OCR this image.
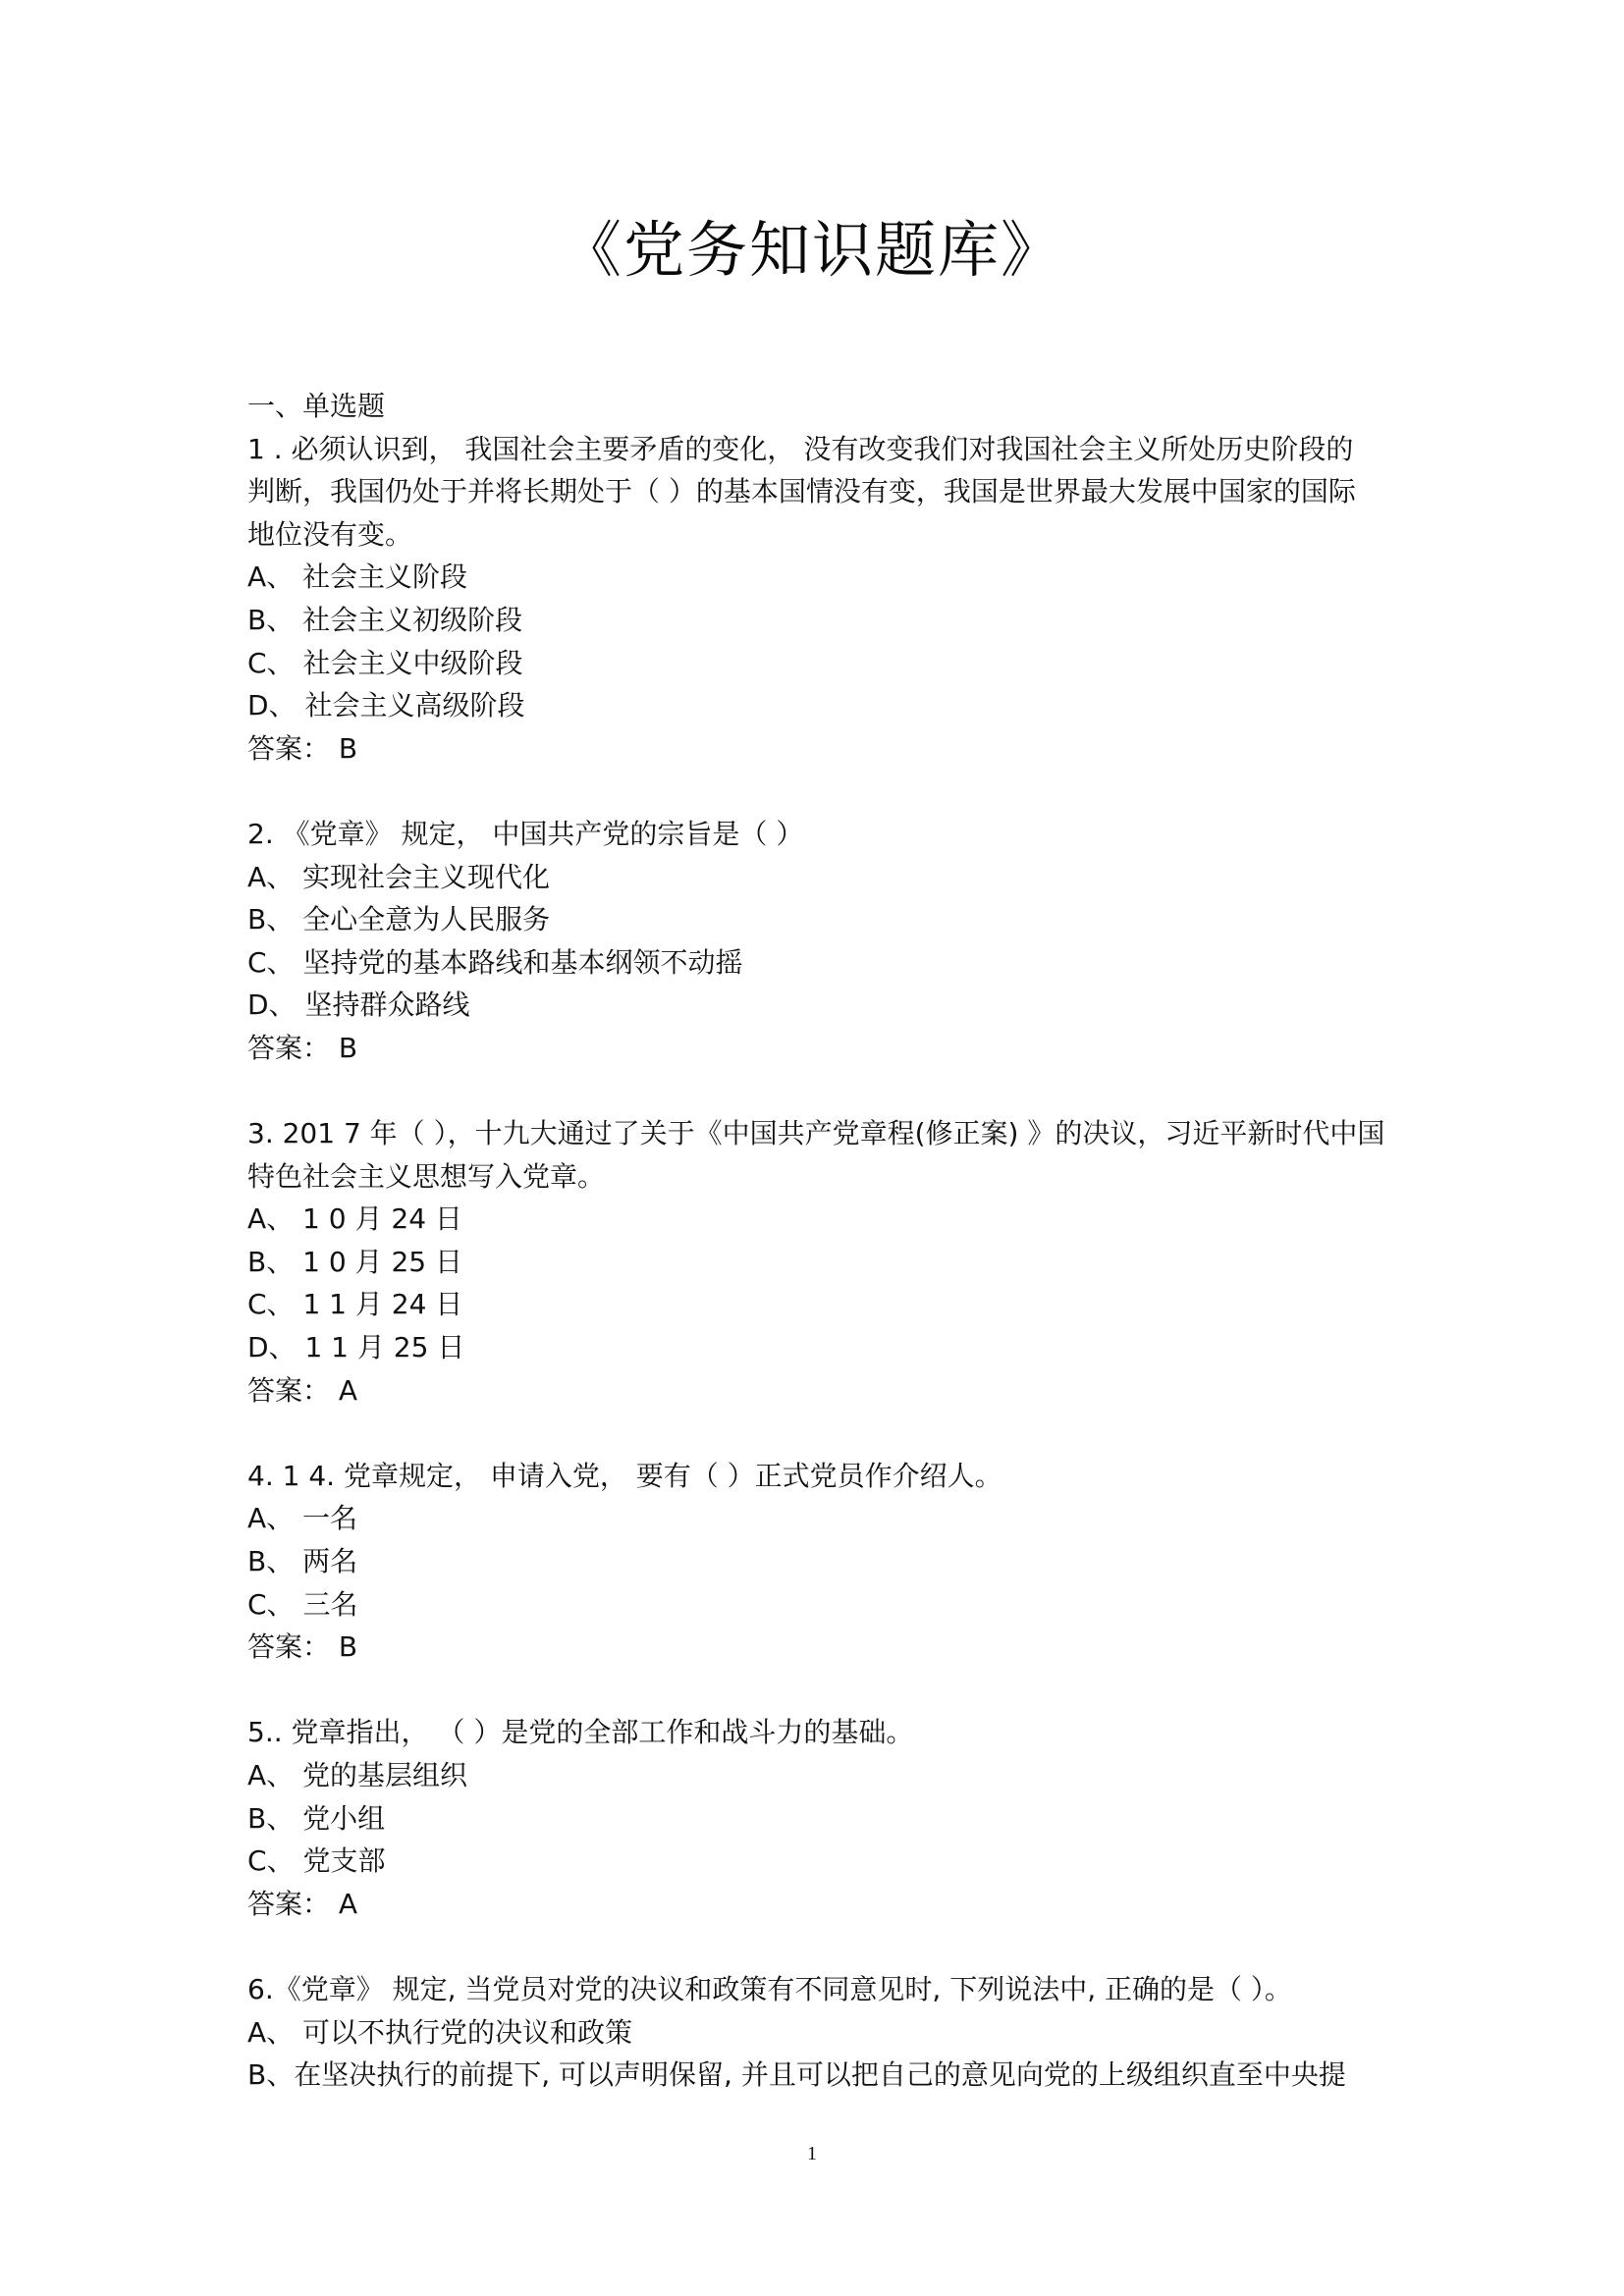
《党务知识题库》
一、单选题
1 . 必须认识到， 我国社会主要矛盾的变化， 没有改变我们对我国社会主义所处历史阶段的
判断，我国仍处于并将长期处于（ ）的基本国情没有变，我国是世界最大发展中国家的国际
地位没有变。
A、 社会主义阶段
B、 社会主义初级阶段
C、 社会主义中级阶段
D、 社会主义高级阶段
答案： B
2. 《党章》 规定， 中国共产党的宗旨是（ ）
A、 实现社会主义现代化
B、 全心全意为人民服务
C、 坚持党的基本路线和基本纲领不动摇
D、 坚持群众路线
答案： B
3. 201 7 年（ ），十九大通过了关于《中国共产党章程(修正案) 》的决议，习近平新时代中国
特色社会主义思想写入党章。
A、 1 0 月 24 日
B、 1 0 月 25 日
C、 1 1 月 24 日
D、 1 1 月 25 日
答案： A
4. 1 4. 党章规定， 申请入党， 要有（ ）正式党员作介绍人。
A、 一名
B、 两名
C、 三名
答案： B
5.. 党章指出， （ ）是党的全部工作和战斗力的基础。
A、 党的基层组织
B、 党小组
C、 党支部
答案： A
6.《党章》 规定, 当党员对党的决议和政策有不同意见时, 下列说法中, 正确的是（ ）。
A、 可以不执行党的决议和政策
B、在坚决执行的前提下, 可以声明保留, 并且可以把自己的意见向党的上级组织直至中央提
1
